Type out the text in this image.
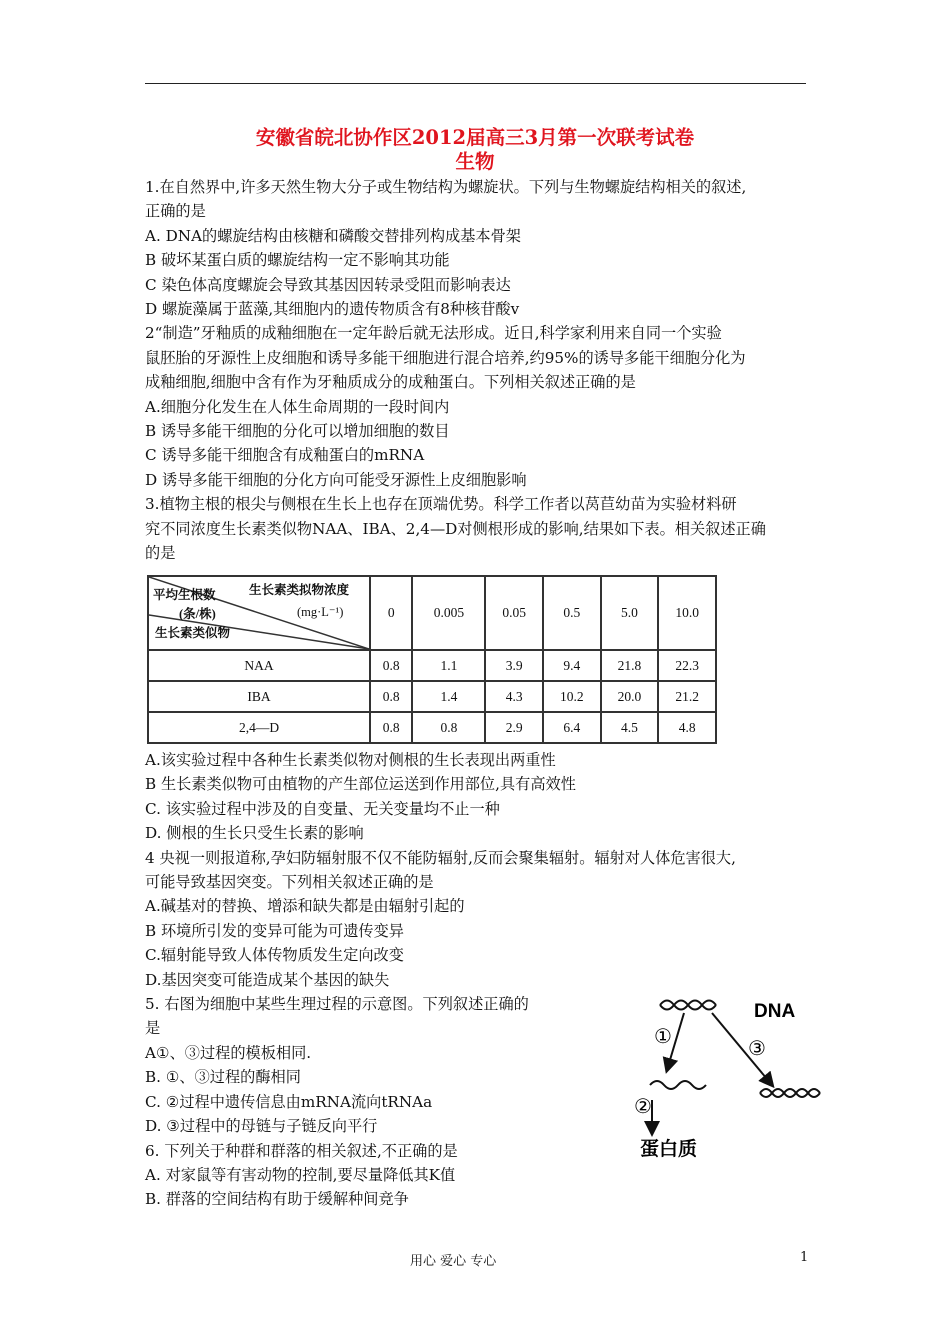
安徽省皖北协作区2012届高三3月第一次联考试卷
生物
1.在自然界中,许多天然生物大分子或生物结构为螺旋状。下列与生物螺旋结构相关的叙述,
正确的是
A. DNA的螺旋结构由核糖和磷酸交替排列构成基本骨架
B 破坏某蛋白质的螺旋结构一定不影响其功能
C 染色体高度螺旋会导致其基因因转录受阻而影响表达
D 螺旋藻属于蓝藻,其细胞内的遗传物质含有8种核苷酸v
2“制造”牙釉质的成釉细胞在一定年龄后就无法形成。近日,科学家利用来自同一个实验
鼠胚胎的牙源性上皮细胞和诱导多能干细胞进行混合培养,约95%的诱导多能干细胞分化为
成釉细胞,细胞中含有作为牙釉质成分的成釉蛋白。下列相关叙述正确的是
A.细胞分化发生在人体生命周期的一段时间内
B 诱导多能干细胞的分化可以增加细胞的数目
C 诱导多能干细胞含有成釉蛋白的mRNA
D 诱导多能干细胞的分化方向可能受牙源性上皮细胞影响
3.植物主根的根尖与侧根在生长上也存在顶端优势。科学工作者以莴苣幼苗为实验材料研
究不同浓度生长素类似物NAA、IBA、2,4—D对侧根形成的影响,结果如下表。相关叙述正确
的是
生长素类拟物浓度
平均生根数
(条/株) (mg·L⁻¹)
生长素类似物	0	0.005	0.05	0.5	5.0	10.0
NAA	0.8	1.1	3.9	9.4	21.8	22.3
IBA	0.8	1.4	4.3	10.2	20.0	21.2
2,4—D	0.8	0.8	2.9	6.4	4.5	4.8
A.该实验过程中各种生长素类似物对侧根的生长表现出两重性
B 生长素类似物可由植物的产生部位运送到作用部位,具有高效性
C. 该实验过程中涉及的自变量、无关变量均不止一种
D. 侧根的生长只受生长素的影响
4 央视一则报道称,孕妇防辐射服不仅不能防辐射,反而会聚集辐射。辐射对人体危害很大,
可能导致基因突变。下列相关叙述正确的是
A.碱基对的替换、增添和缺失都是由辐射引起的
B 环境所引发的变异可能为可遗传变异
C.辐射能导致人体传物质发生定向改变
D.基因突变可能造成某个基因的缺失
5. 右图为细胞中某些生理过程的示意图。下列叙述正确的
是
A①、③过程的模板相同.
B. ①、③过程的酶相同
C. ②过程中遗传信息由mRNA流向tRNAa
D. ③过程中的母链与子链反向平行
6. 下列关于种群和群落的相关叙述,不正确的是
A. 对家鼠等有害动物的控制,要尽量降低其K值
B. 群落的空间结构有助于缓解种间竞争
DNA
①	③
②
蛋白质
用心 爱心 专心	1
